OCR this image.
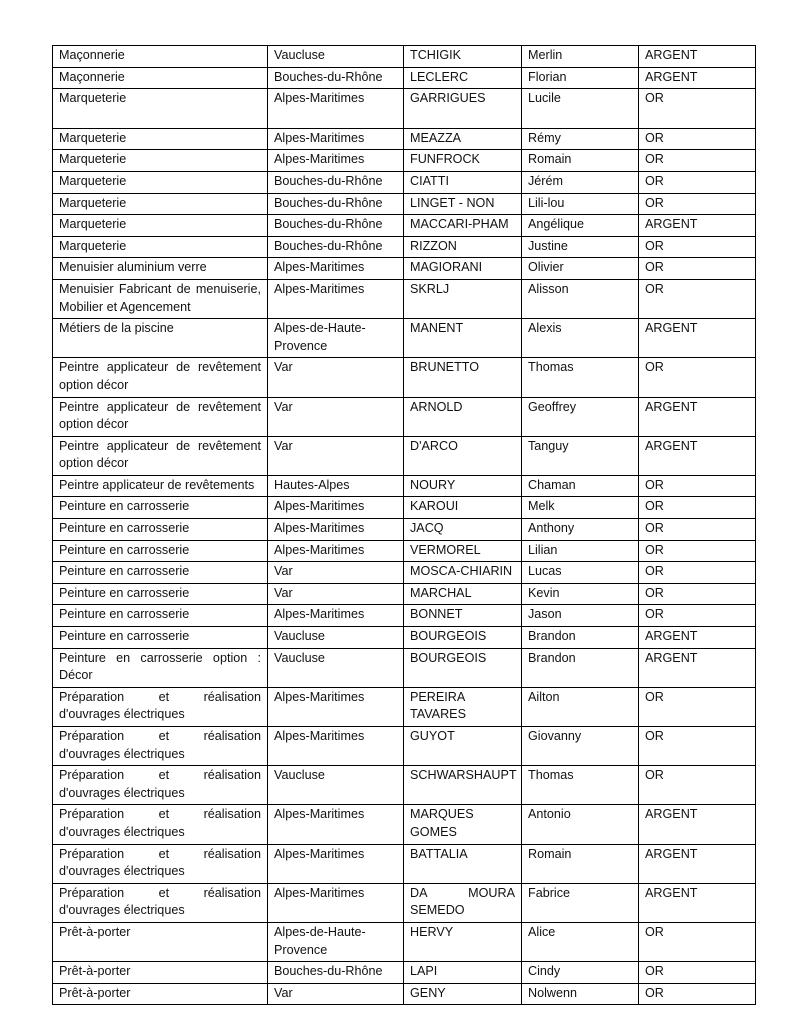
Maçonnerie	Vaucluse	TCHIGIK	Merlin	ARGENT
Maçonnerie	Bouches-du-Rhône	LECLERC	Florian	ARGENT
Marqueterie	Alpes-Maritimes	GARRIGUES	Lucile	OR
Marqueterie	Alpes-Maritimes	MEAZZA	Rémy	OR
Marqueterie	Alpes-Maritimes	FUNFROCK	Romain	OR
Marqueterie	Bouches-du-Rhône	CIATTI	Jérém	OR
Marqueterie	Bouches-du-Rhône	LINGET - NON	Lili-lou	OR
Marqueterie	Bouches-du-Rhône	MACCARI-PHAM	Angélique	ARGENT
Marqueterie	Bouches-du-Rhône	RIZZON	Justine	OR
Menuisier aluminium verre	Alpes-Maritimes	MAGIORANI	Olivier	OR
Menuisier Fabricant de menuiserie, Mobilier et Agencement	Alpes-Maritimes	SKRLJ	Alisson	OR
Métiers de la piscine	Alpes-de-Haute-Provence	MANENT	Alexis	ARGENT
Peintre applicateur de revêtement option décor	Var	BRUNETTO	Thomas	OR
Peintre applicateur de revêtement option décor	Var	ARNOLD	Geoffrey	ARGENT
Peintre applicateur de revêtement option décor	Var	D'ARCO	Tanguy	ARGENT
Peintre applicateur de revêtements	Hautes-Alpes	NOURY	Chaman	OR
Peinture en carrosserie	Alpes-Maritimes	KAROUI	Melk	OR
Peinture en carrosserie	Alpes-Maritimes	JACQ	Anthony	OR
Peinture en carrosserie	Alpes-Maritimes	VERMOREL	Lilian	OR
Peinture en carrosserie	Var	MOSCA-CHIARIN	Lucas	OR
Peinture en carrosserie	Var	MARCHAL	Kevin	OR
Peinture en carrosserie	Alpes-Maritimes	BONNET	Jason	OR
Peinture en carrosserie	Vaucluse	BOURGEOIS	Brandon	ARGENT
Peinture en carrosserie option : Décor	Vaucluse	BOURGEOIS	Brandon	ARGENT
Préparation et réalisation d'ouvrages électriques	Alpes-Maritimes	PEREIRA TAVARES	Ailton	OR
Préparation et réalisation d'ouvrages électriques	Alpes-Maritimes	GUYOT	Giovanny	OR
Préparation et réalisation d'ouvrages électriques	Vaucluse	SCHWARSHAUPT	Thomas	OR
Préparation et réalisation d'ouvrages électriques	Alpes-Maritimes	MARQUES GOMES	Antonio	ARGENT
Préparation et réalisation d'ouvrages électriques	Alpes-Maritimes	BATTALIA	Romain	ARGENT
Préparation et réalisation d'ouvrages électriques	Alpes-Maritimes	DA MOURA SEMEDO	Fabrice	ARGENT
Prêt-à-porter	Alpes-de-Haute-Provence	HERVY	Alice	OR
Prêt-à-porter	Bouches-du-Rhône	LAPI	Cindy	OR
Prêt-à-porter	Var	GENY	Nolwenn	OR
